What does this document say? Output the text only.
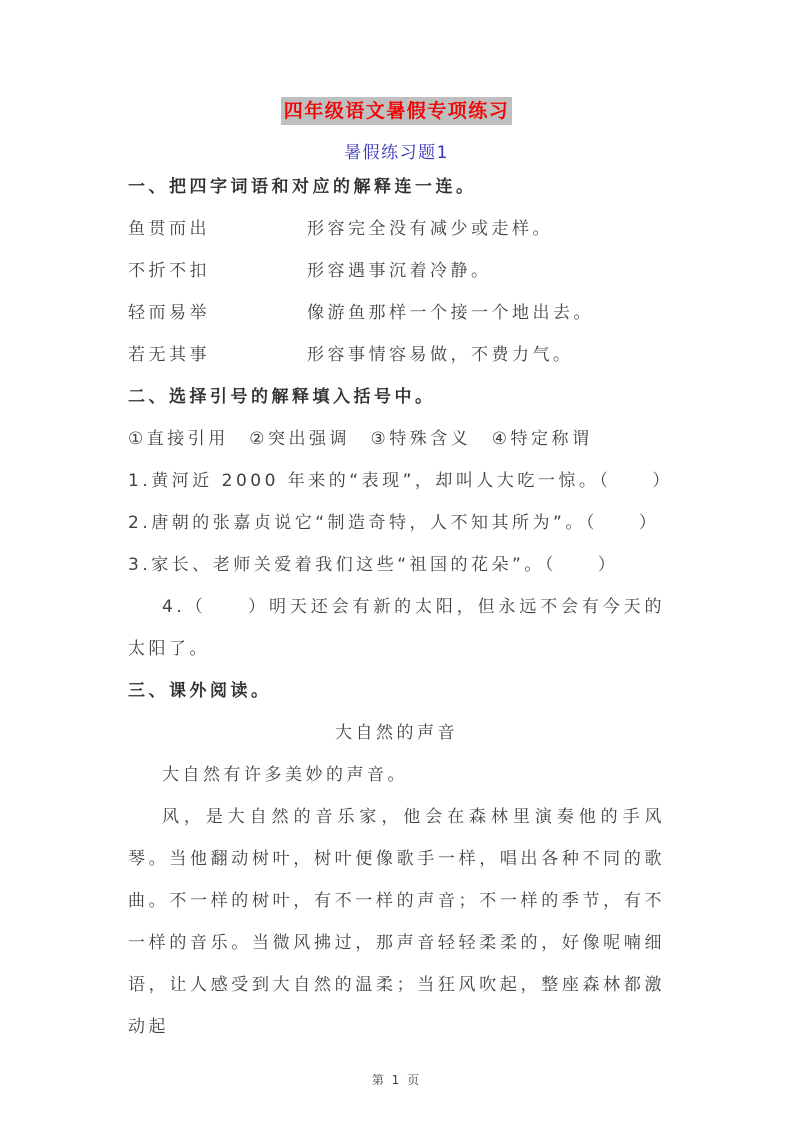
四年级语文暑假专项练习
暑假练习题1

一、把四字词语和对应的解释连一连。

鱼贯而出	形容完全没有减少或走样。
不折不扣	形容遇事沉着冷静。
轻而易举	像游鱼那样一个接一个地出去。
若无其事	形容事情容易做，不费力气。

二、选择引号的解释填入括号中。

①直接引用　②突出强调　③特殊含义　④特定称谓

1.黄河近 2000 年来的“表现”，却叫人大吃一惊。（　　）

2.唐朝的张嘉贞说它“制造奇特，人不知其所为”。（　　）

3.家长、老师关爱着我们这些“祖国的花朵”。（　　）

4.（　　）明天还会有新的太阳，但永远不会有今天的太阳了。

三、课外阅读。

大自然的声音

大自然有许多美妙的声音。

风，是大自然的音乐家，他会在森林里演奏他的手风琴。当他翻动树叶，树叶便像歌手一样，唱出各种不同的歌曲。不一样的树叶，有不一样的声音；不一样的季节，有不一样的音乐。当微风拂过，那声音轻轻柔柔的，好像呢喃细语，让人感受到大自然的温柔；当狂风吹起，整座森林都激动起

第 1 页
